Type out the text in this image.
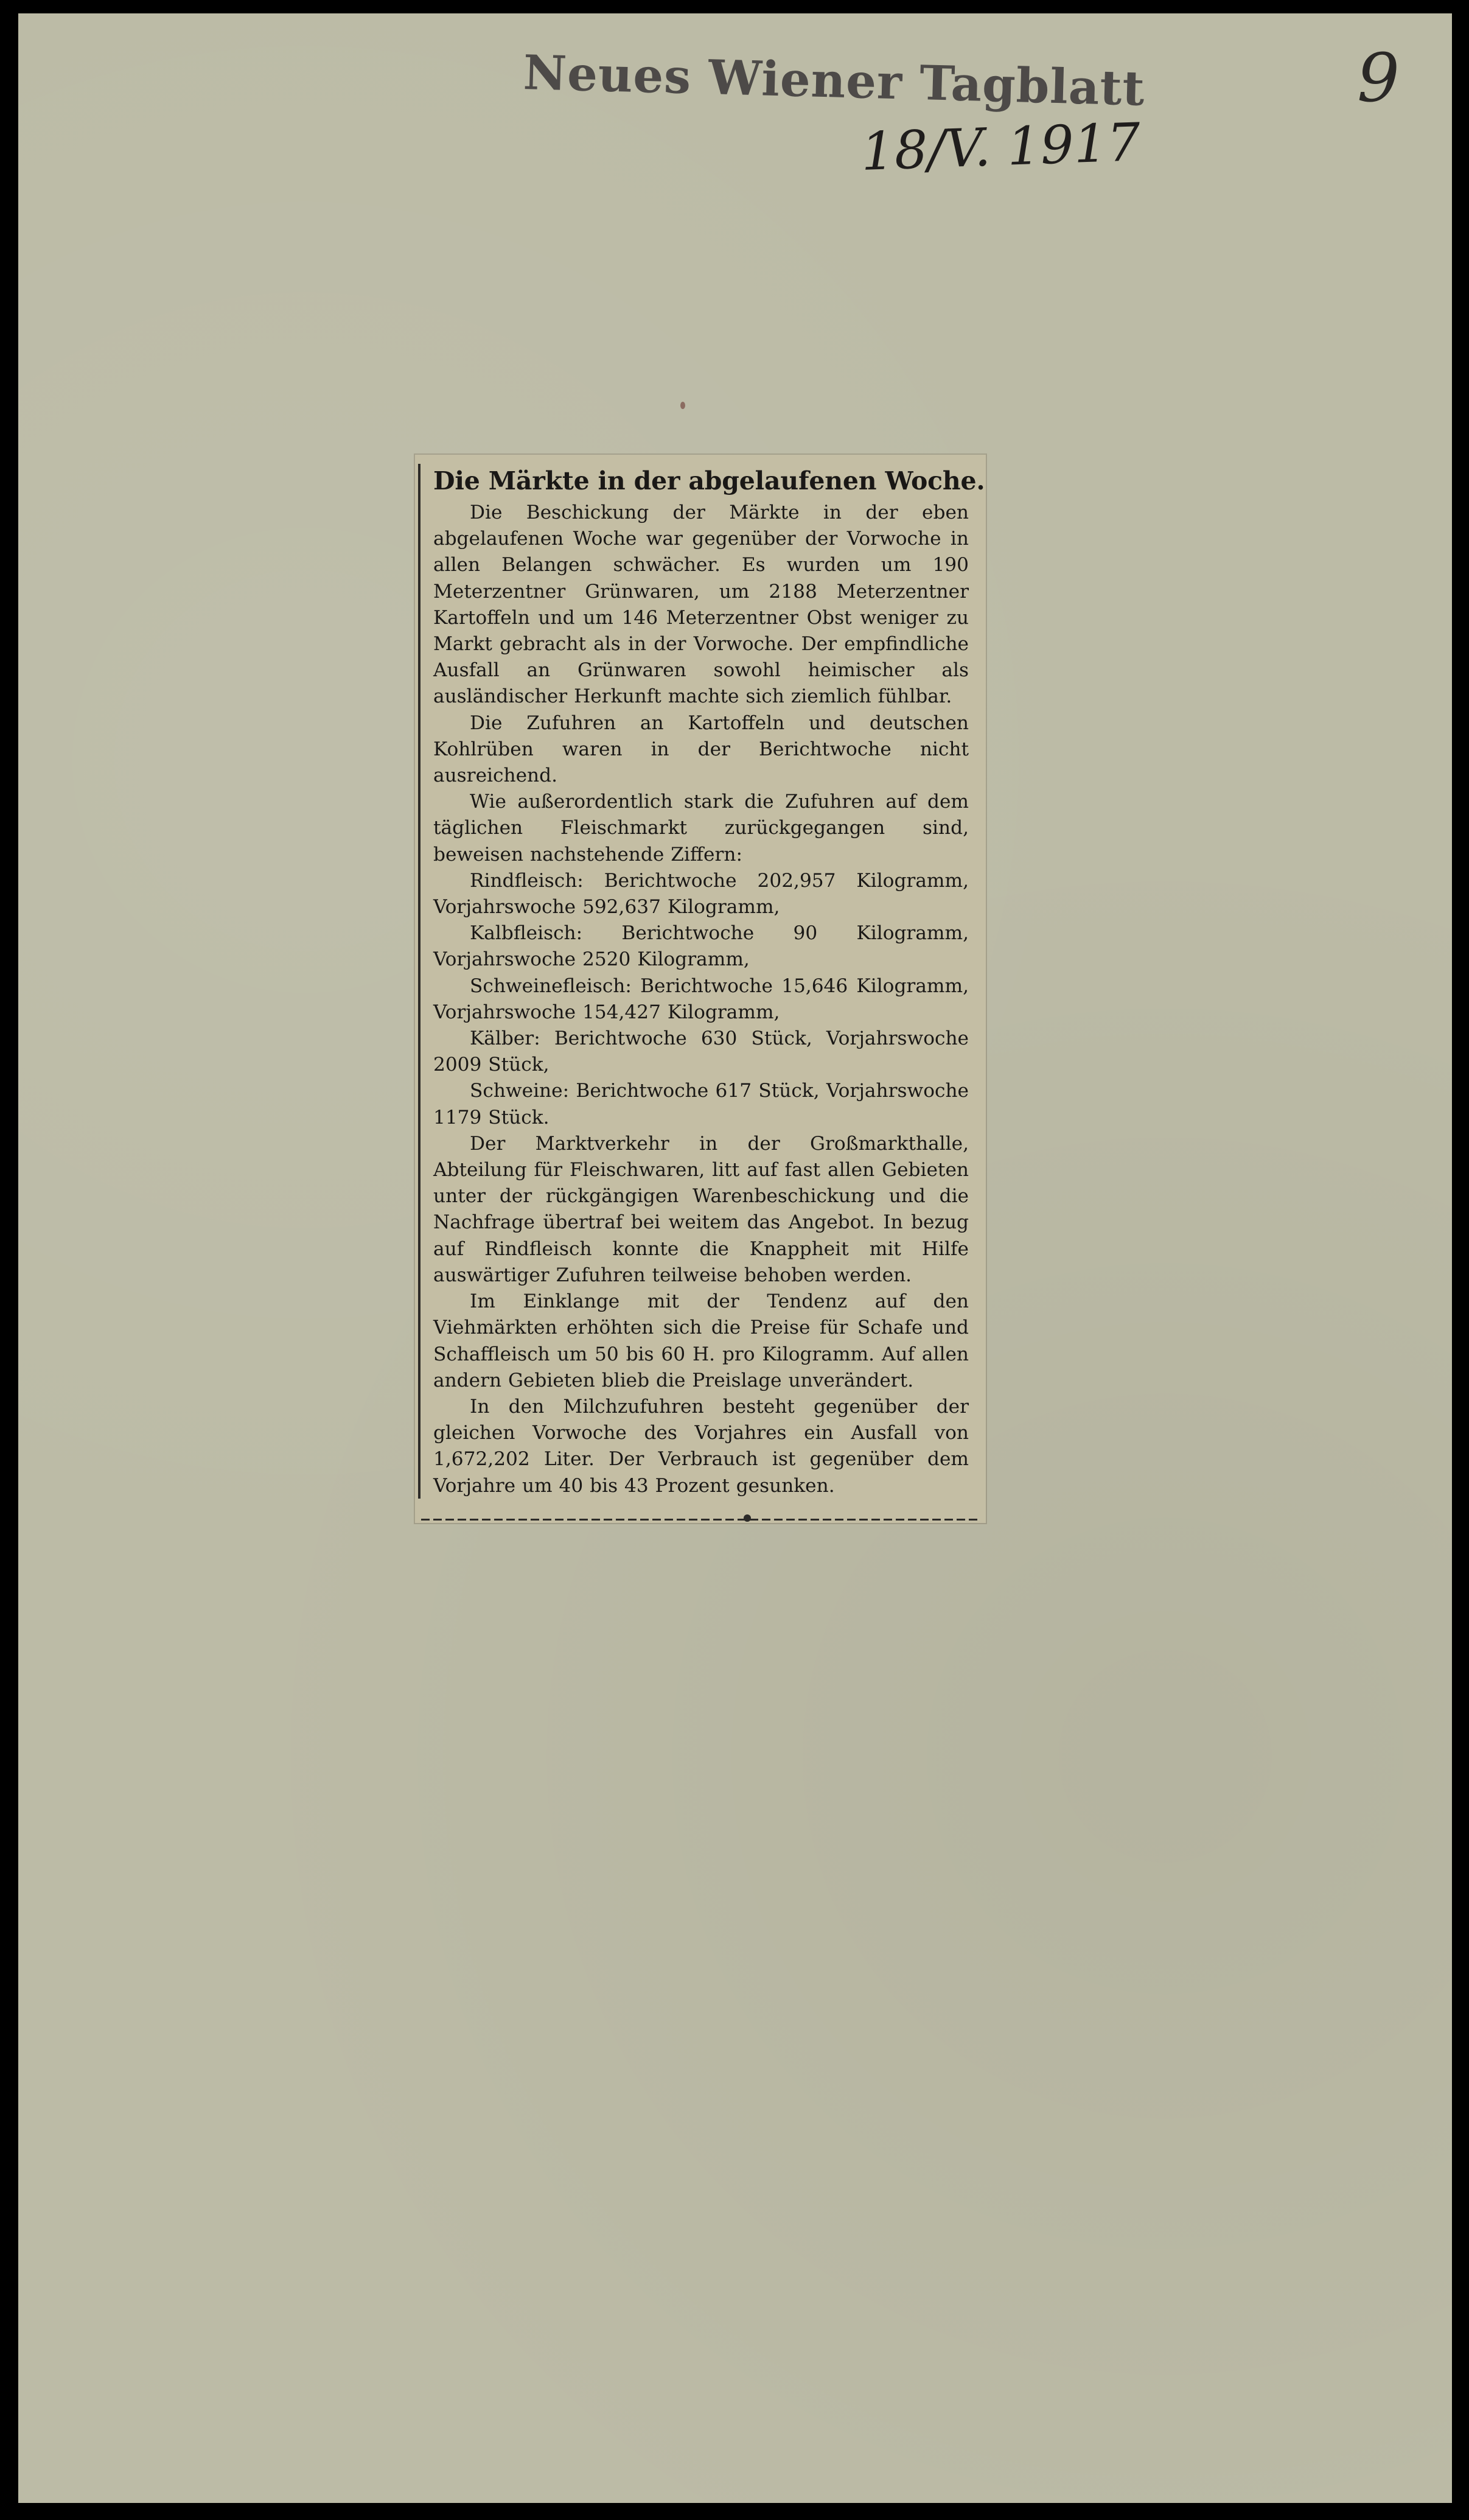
Neues Wiener Tagblatt
18/V. 1917
9
Die Märkte in der abgelaufenen Woche.

Die Beschickung der Märkte in der eben abgelaufenen Woche war gegenüber der Vorwoche in allen Belangen schwächer. Es wurden um 190 Meterzentner Grünwaren, um 2188 Meterzentner Kartoffeln und um 146 Meterzentner Obst weniger zu Markt gebracht als in der Vorwoche. Der empfindliche Ausfall an Grünwaren sowohl heimischer als ausländischer Herkunft machte sich ziemlich fühlbar.

Die Zufuhren an Kartoffeln und deutschen Kohlrüben waren in der Berichtwoche nicht ausreichend.

Wie außerordentlich stark die Zufuhren auf dem täglichen Fleischmarkt zurückgegangen sind, beweisen nachstehende Ziffern:

Rindfleisch: Berichtwoche 202,957 Kilogramm, Vorjahrswoche 592,637 Kilogramm,

Kalbfleisch: Berichtwoche 90 Kilogramm, Vorjahrswoche 2520 Kilogramm,

Schweinefleisch: Berichtwoche 15,646 Kilogramm, Vorjahrswoche 154,427 Kilogramm,

Kälber: Berichtwoche 630 Stück, Vorjahrswoche 2009 Stück,

Schweine: Berichtwoche 617 Stück, Vorjahrswoche 1179 Stück.

Der Marktverkehr in der Großmarkthalle, Abteilung für Fleischwaren, litt auf fast allen Gebieten unter der rückgängigen Warenbeschickung und die Nachfrage übertraf bei weitem das Angebot. In bezug auf Rindfleisch konnte die Knappheit mit Hilfe auswärtiger Zufuhren teilweise behoben werden.

Im Einklange mit der Tendenz auf den Viehmärkten erhöhten sich die Preise für Schafe und Schaffleisch um 50 bis 60 H. pro Kilogramm. Auf allen andern Gebieten blieb die Preislage unverändert.

In den Milchzufuhren besteht gegenüber der gleichen Vorwoche des Vorjahres ein Ausfall von 1,672,202 Liter. Der Verbrauch ist gegenüber dem Vorjahre um 40 bis 43 Prozent gesunken.
